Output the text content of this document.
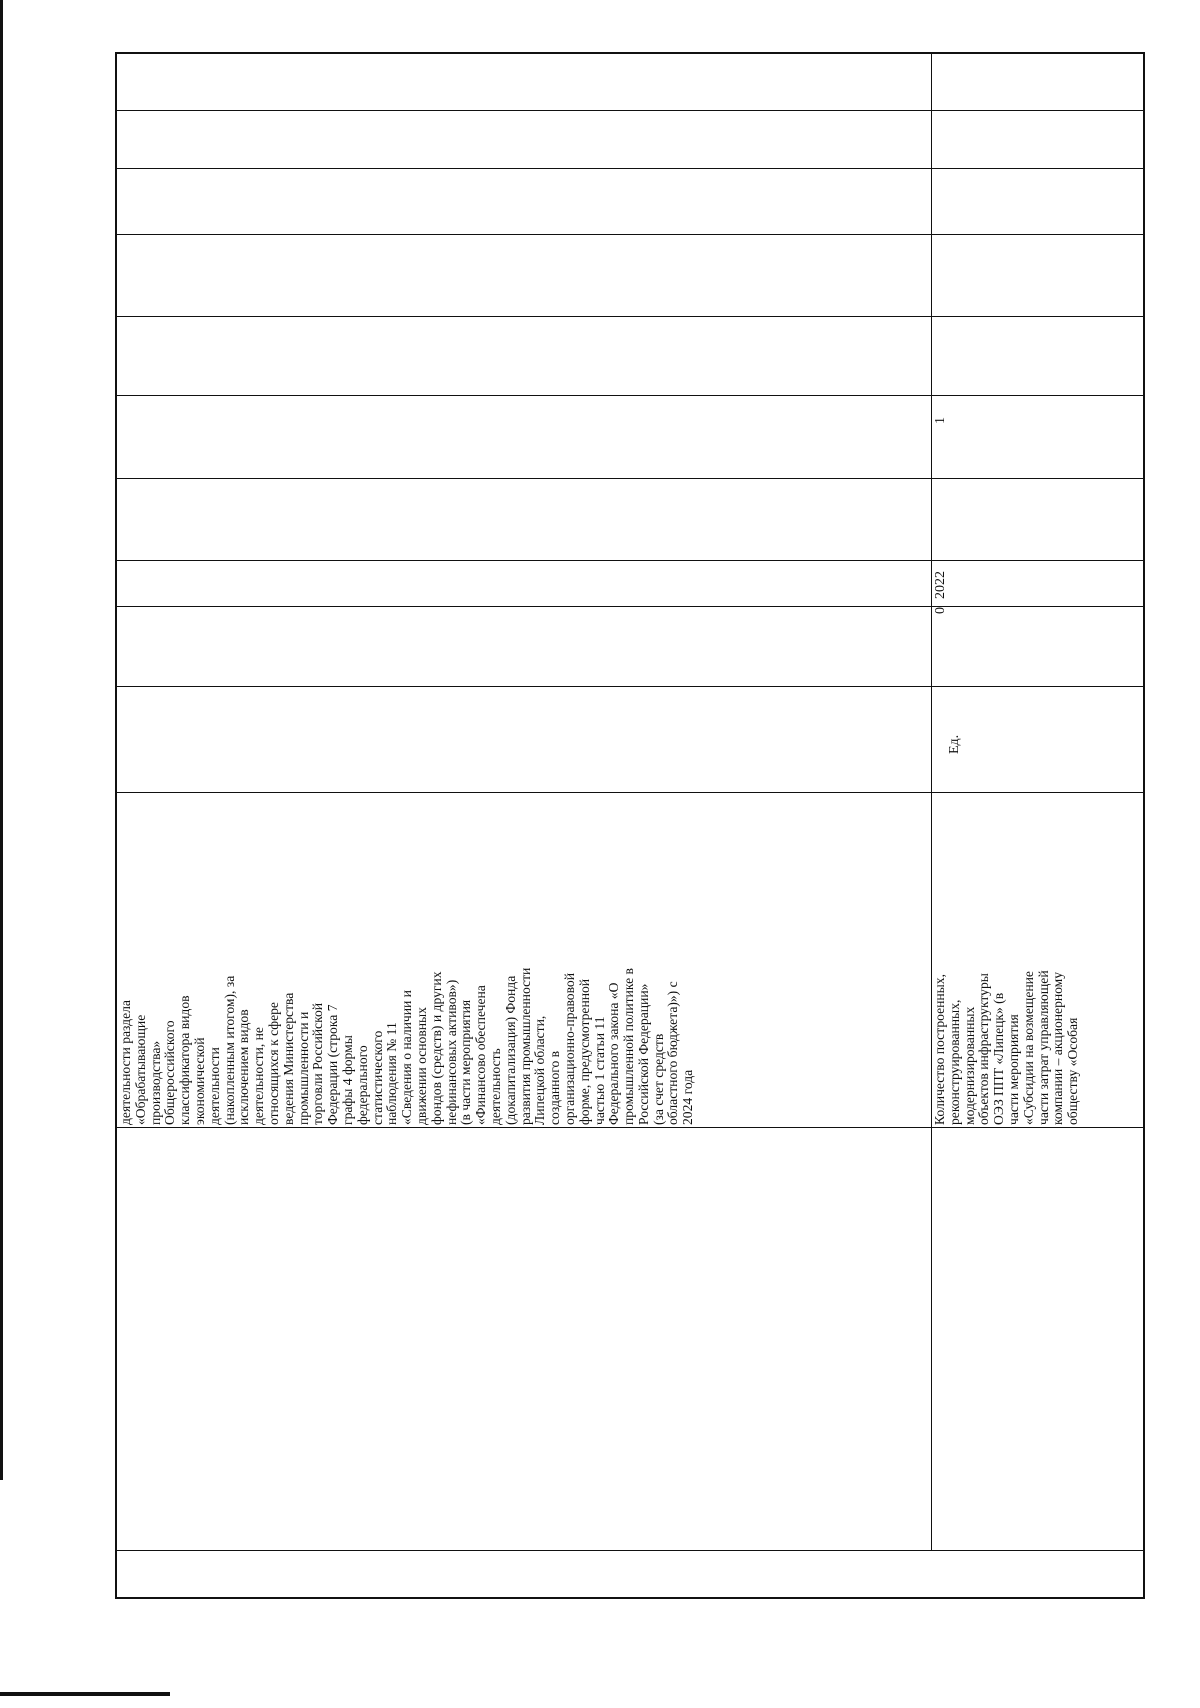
деятельности раздела «Обрабатывающие производства» Общероссийского классификатора видов экономической деятельности (накопленным итогом), за исключением видов деятельности, не относящихся к сфере ведения Министерства промышленности и торговли Российской Федерации (строка 7 графы 4 формы федерального статистического наблюдения № 11 «Сведения о наличии и движении основных фондов (средств) и других нефинансовых активов») (в части мероприятия «Финансово обеспечена деятельность (докапитализация) Фонда развития промышленности Липецкой области, созданного в организационно-правовой форме, предусмотренной частью 1 статьи 11 Федерального закона «О промышленной политике в Российской Федерации» (за счет средств областного бюджета)») с 2024 года	Количество построенных, реконструированных, модернизированных объектов инфраструктуры ОЭЗ ППТ «Липецк» (в части мероприятия «Субсидии на возмещение части затрат управляющей компании – акционерному обществу «Особая
Ед.
0
2022
1
